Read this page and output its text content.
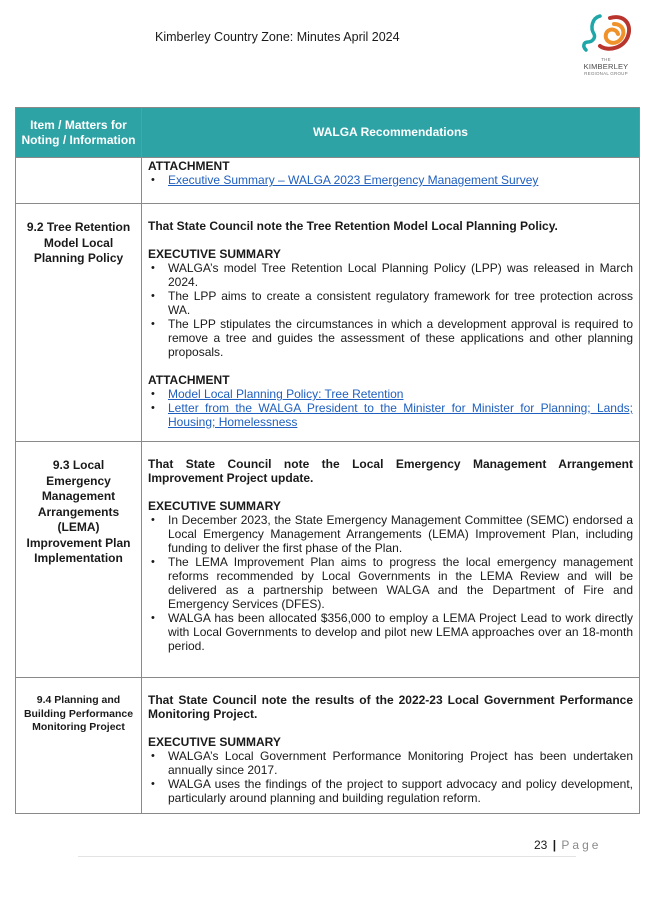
Kimberley Country Zone: Minutes April 2024
THE
KIMBERLEY
REGIONAL GROUP
Item / Matters for Noting / Information	WALGA Recommendations

ATTACHMENT
• Executive Summary – WALGA 2023 Emergency Management Survey

9.2 Tree Retention Model Local Planning Policy	
That State Council note the Tree Retention Model Local Planning Policy.
EXECUTIVE SUMMARY
• WALGA’s model Tree Retention Local Planning Policy (LPP) was released in March 2024.
• The LPP aims to create a consistent regulatory framework for tree protection across WA.
• The LPP stipulates the circumstances in which a development approval is required to remove a tree and guides the assessment of these applications and other planning proposals.
ATTACHMENT
• Model Local Planning Policy: Tree Retention
• Letter from the WALGA President to the Minister for Minister for Planning; Lands; Housing; Homelessness

9.3 Local Emergency Management Arrangements (LEMA) Improvement Plan Implementation	
That State Council note the Local Emergency Management Arrangement Improvement Project update.
EXECUTIVE SUMMARY
• In December 2023, the State Emergency Management Committee (SEMC) endorsed a Local Emergency Management Arrangements (LEMA) Improvement Plan, including funding to deliver the first phase of the Plan.
• The LEMA Improvement Plan aims to progress the local emergency management reforms recommended by Local Governments in the LEMA Review and will be delivered as a partnership between WALGA and the Department of Fire and Emergency Services (DFES).
• WALGA has been allocated $356,000 to employ a LEMA Project Lead to work directly with Local Governments to develop and pilot new LEMA approaches over an 18-month period.

9.4 Planning and Building Performance Monitoring Project	
That State Council note the results of the 2022-23 Local Government Performance Monitoring Project.
EXECUTIVE SUMMARY
• WALGA’s Local Government Performance Monitoring Project has been undertaken annually since 2017.
• WALGA uses the findings of the project to support advocacy and policy development, particularly around planning and building regulation reform.
23 | Page
